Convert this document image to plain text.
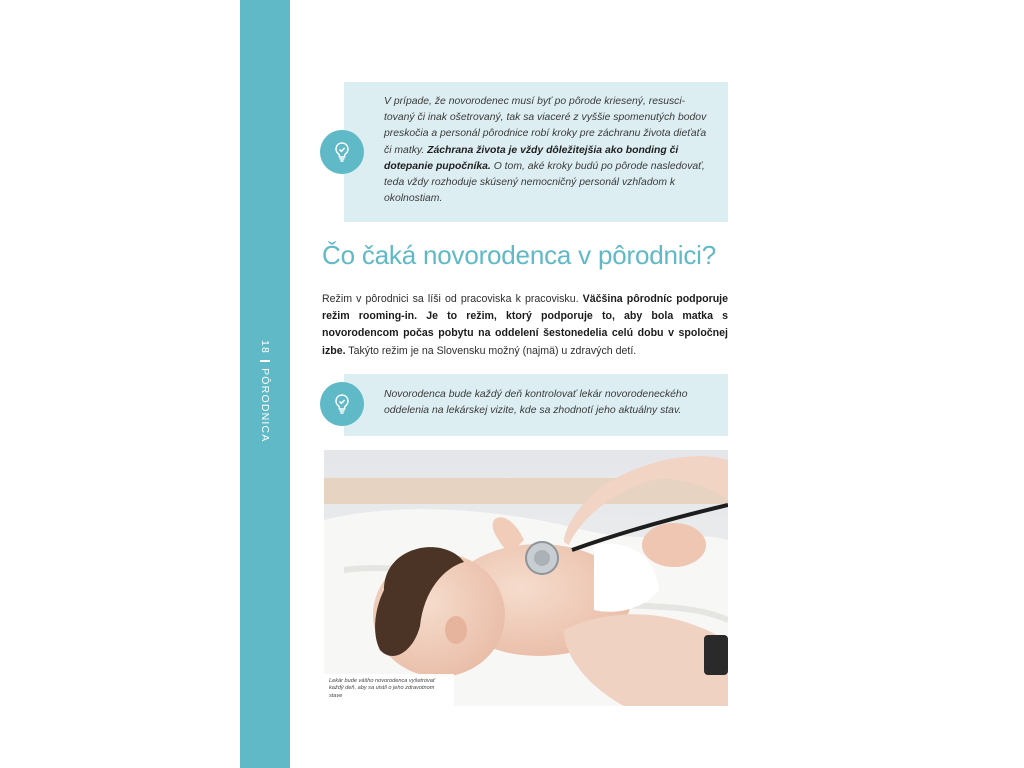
18
PÔRODNICA

V prípade, že novorodenec musí byť po pôrode kriesený, resuscitovaný či inak ošetrovaný, tak sa viaceré z vyššie spomenutých bodov preskočia a personál pôrodnice robí kroky pre záchranu života dieťaťa či matky. Záchrana života je vždy dôležitejšia ako bonding či dotepanie pupočníka. O tom, aké kroky budú po pôrode nasledovať, teda vždy rozhoduje skúsený nemocničný personál vzhľadom k okolnostiam.

Čo čaká novorodenca v pôrodnici?

Režim v pôrodnici sa líši od pracoviska k pracovisku. Väčšina pôrodníc podporuje režim rooming-in. Je to režim, ktorý podporuje to, aby bola matka s novorodencom počas pobytu na oddelení šestonedelia celú dobu v spoločnej izbe. Takýto režim je na Slovensku možný (najmä) u zdravých detí.

Novorodenca bude každý deň kontrolovať lekár novorodeneckého oddelenia na lekárskej vizite, kde sa zhodnotí jeho aktuálny stav.

Lekár bude vášho novorodenca vyšetrovať každý deň, aby sa uistil o jeho zdravotnom stave
